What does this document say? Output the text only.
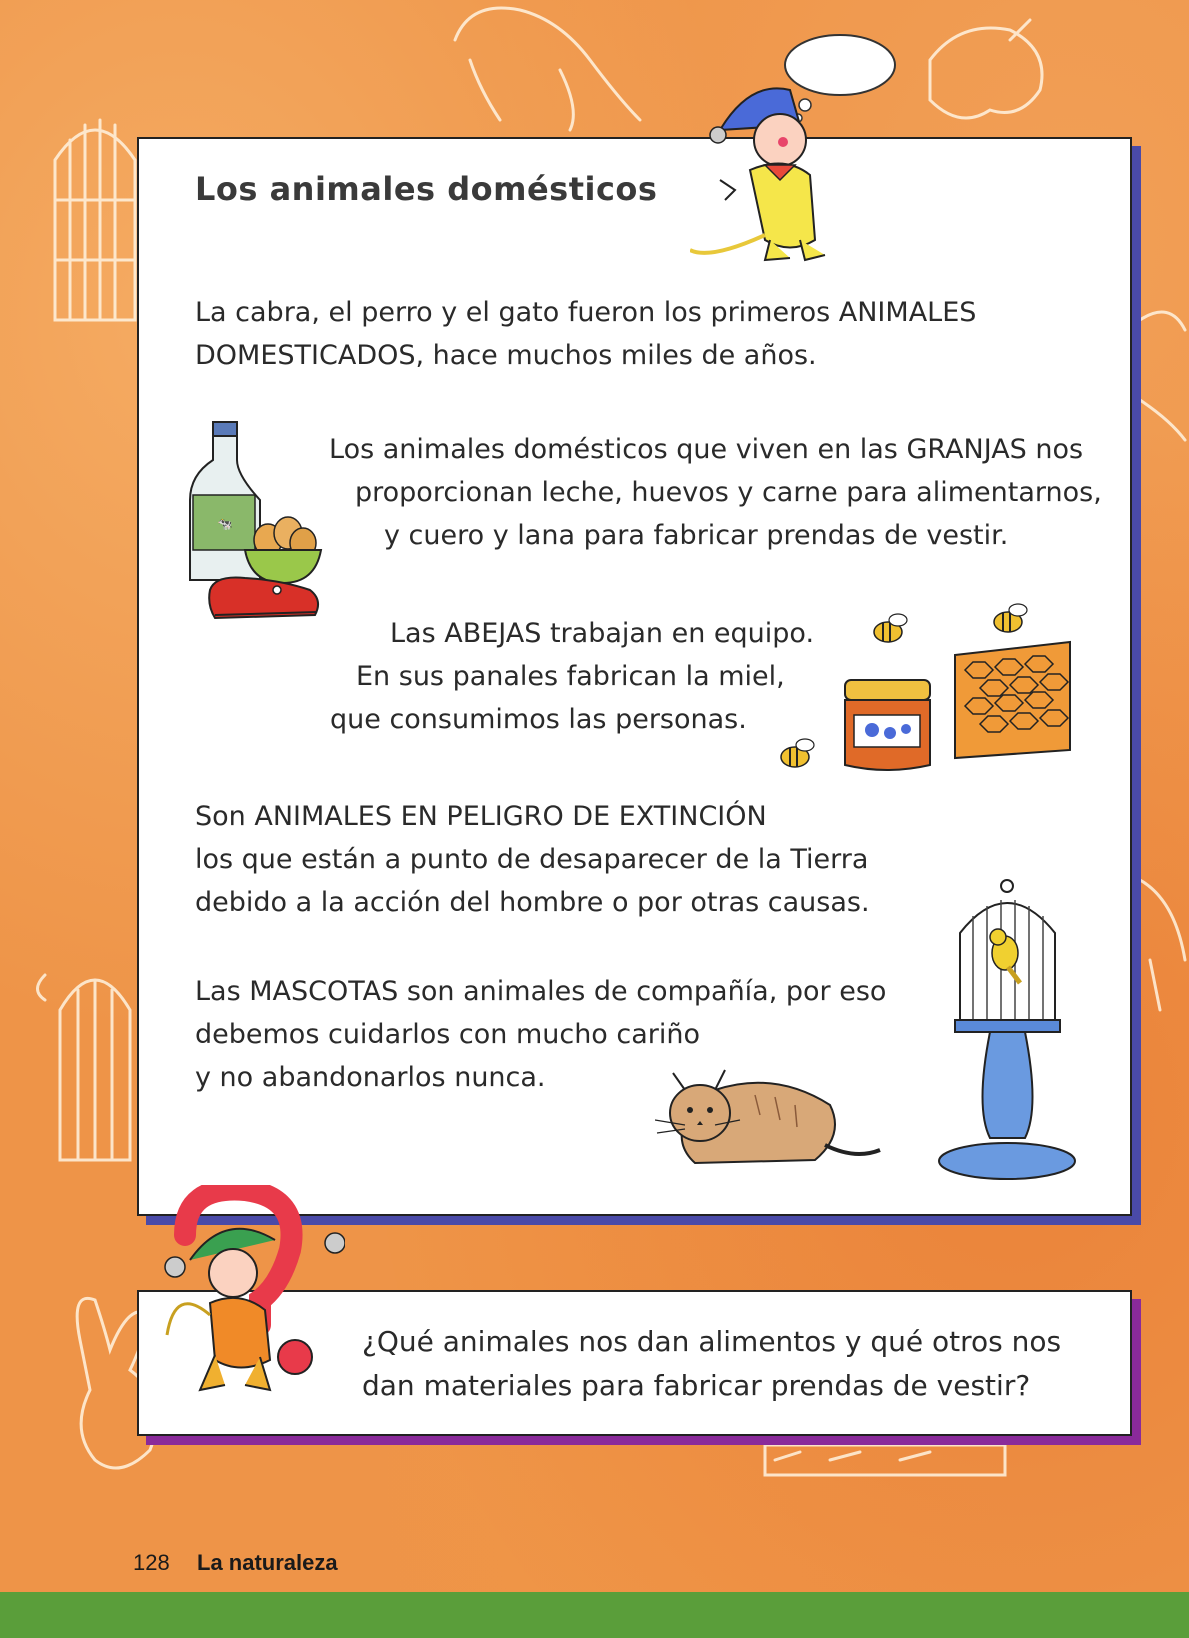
Los animales domésticos
La cabra, el perro y el gato fueron los primeros ANIMALES
DOMESTICADOS, hace muchos miles de años.
Los animales domésticos que viven en las GRANJAS nos
proporcionan leche, huevos y carne para alimentarnos,
y cuero y lana para fabricar prendas de vestir.
Las ABEJAS trabajan en equipo.
En sus panales fabrican la miel,
que consumimos las personas.
Son ANIMALES EN PELIGRO DE EXTINCIÓN
los que están a punto de desaparecer de la Tierra
debido a la acción del hombre o por otras causas.
Las MASCOTAS son animales de compañía, por eso
debemos cuidarlos con mucho cariño
y no abandonarlos nunca.
🐄
¿Qué animales nos dan alimentos y qué otros nos
dan materiales para fabricar prendas de vestir?
128 La naturaleza
